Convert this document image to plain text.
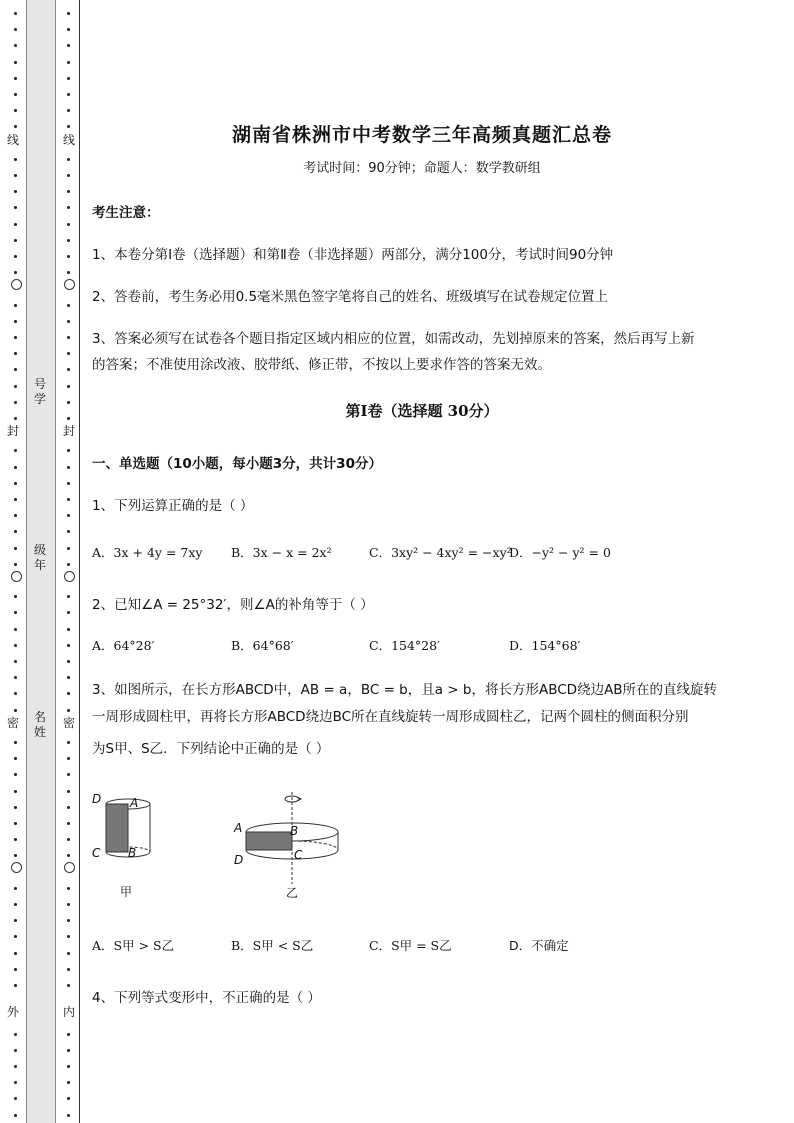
线
封
密
外
号
学
级
年
名
姓
线
封
密
内
湖南省株洲市中考数学三年高频真题汇总卷
考试时间：90分钟；命题人：数学教研组
考生注意：
1、本卷分第I卷（选择题）和第Ⅱ卷（非选择题）两部分，满分100分，考试时间90分钟
2、答卷前，考生务必用0.5毫米黑色签字笔将自己的姓名、班级填写在试卷规定位置上
3、答案必须写在试卷各个题目指定区域内相应的位置，如需改动，先划掉原来的答案，然后再写上新
的答案；不准使用涂改液、胶带纸、修正带，不按以上要求作答的答案无效。
第I卷（选择题 30分）
一、单选题（10小题，每小题3分，共计30分）
1、下列运算正确的是（ ）
A．3x + 4y = 7xy B．3x − x = 2x²	C．3xy² − 4xy² = −xy²
D．−y² − y² = 0
2、已知∠A = 25°32′，则∠A的补角等于（ ）
A．64°28′	B．64°68′	C．154°28′	D．154°68′
3、如图所示，在长方形ABCD中，AB = a，BC = b，且a > b，将长方形ABCD绕边AB所在的直线旋转
一周形成圆柱甲，再将长方形ABCD绕边BC所在直线旋转一周形成圆柱乙，记两个圆柱的侧面积分别
为S甲、S乙．下列结论中正确的是（ ）
D A
C B
甲
A	B
D	C
乙
A．S甲 > S乙	B．S甲 < S乙	C．S甲 = S乙	D．不确定
4、下列等式变形中，不正确的是（ ）
